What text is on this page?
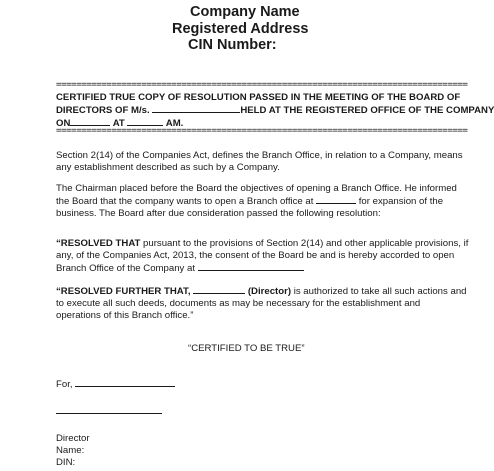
Company Name
Registered Address
CIN Number:
==================================================================================
CERTIFIED TRUE COPY OF RESOLUTION PASSED IN THE MEETING OF THE BOARD OF
DIRECTORS OF M/s.	HELD AT THE REGISTERED OFFICE OF THE COMPANY
ON	AT	AM.
==================================================================================
Section 2(14) of the Companies Act, defines the Branch Office, in relation to a Company, means
any establishment described as such by a Company.
The Chairman placed before the Board the objectives of opening a Branch Office. He informed
the Board that the company wants to open a Branch office at	for expansion of the
business. The Board after due consideration passed the following resolution:
“RESOLVED THAT pursuant to the provisions of Section 2(14) and other applicable provisions, if
any, of the Companies Act, 2013, the consent of the Board be and is hereby accorded to open
Branch Office of the Company at
“RESOLVED FURTHER THAT,	(Director) is authorized to take all such actions and
to execute all such deeds, documents as may be necessary for the establishment and
operations of this Branch office.”
“CERTIFIED TO BE TRUE”
For,
Director
Name:
DIN:
